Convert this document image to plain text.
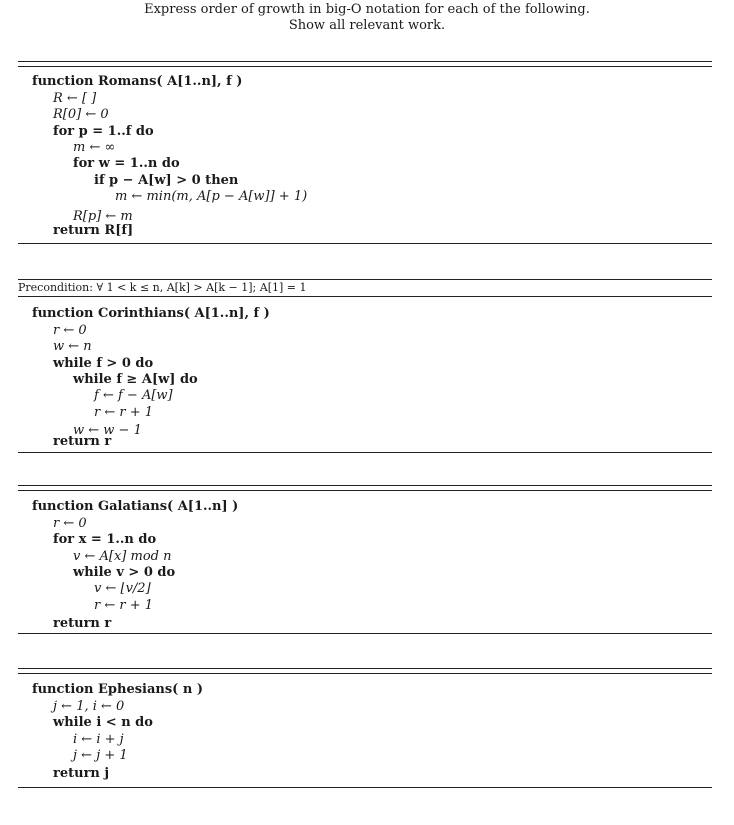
Express order of growth in big-O notation for each of the following.
Show all relevant work.
function Romans( A[1..n], f )
R ← [ ]
R[0] ← 0
for p = 1..f do
m ← ∞
for w = 1..n do
if p − A[w] > 0 then
m ← min(m, A[p − A[w]] + 1)
R[p] ← m
return R[f]
Precondition: ∀ 1 < k ≤ n, A[k] > A[k − 1]; A[1] = 1
function Corinthians( A[1..n], f )
r ← 0
w ← n
while f > 0 do
while f ≥ A[w] do
f ← f − A[w]
r ← r + 1
w ← w − 1
return r
function Galatians( A[1..n] )
r ← 0
for x = 1..n do
v ← A[x] mod n
while v > 0 do
v ← ⌊v/2⌋
r ← r + 1
return r
function Ephesians( n )
j ← 1, i ← 0
while i < n do
i ← i + j
j ← j + 1
return j
